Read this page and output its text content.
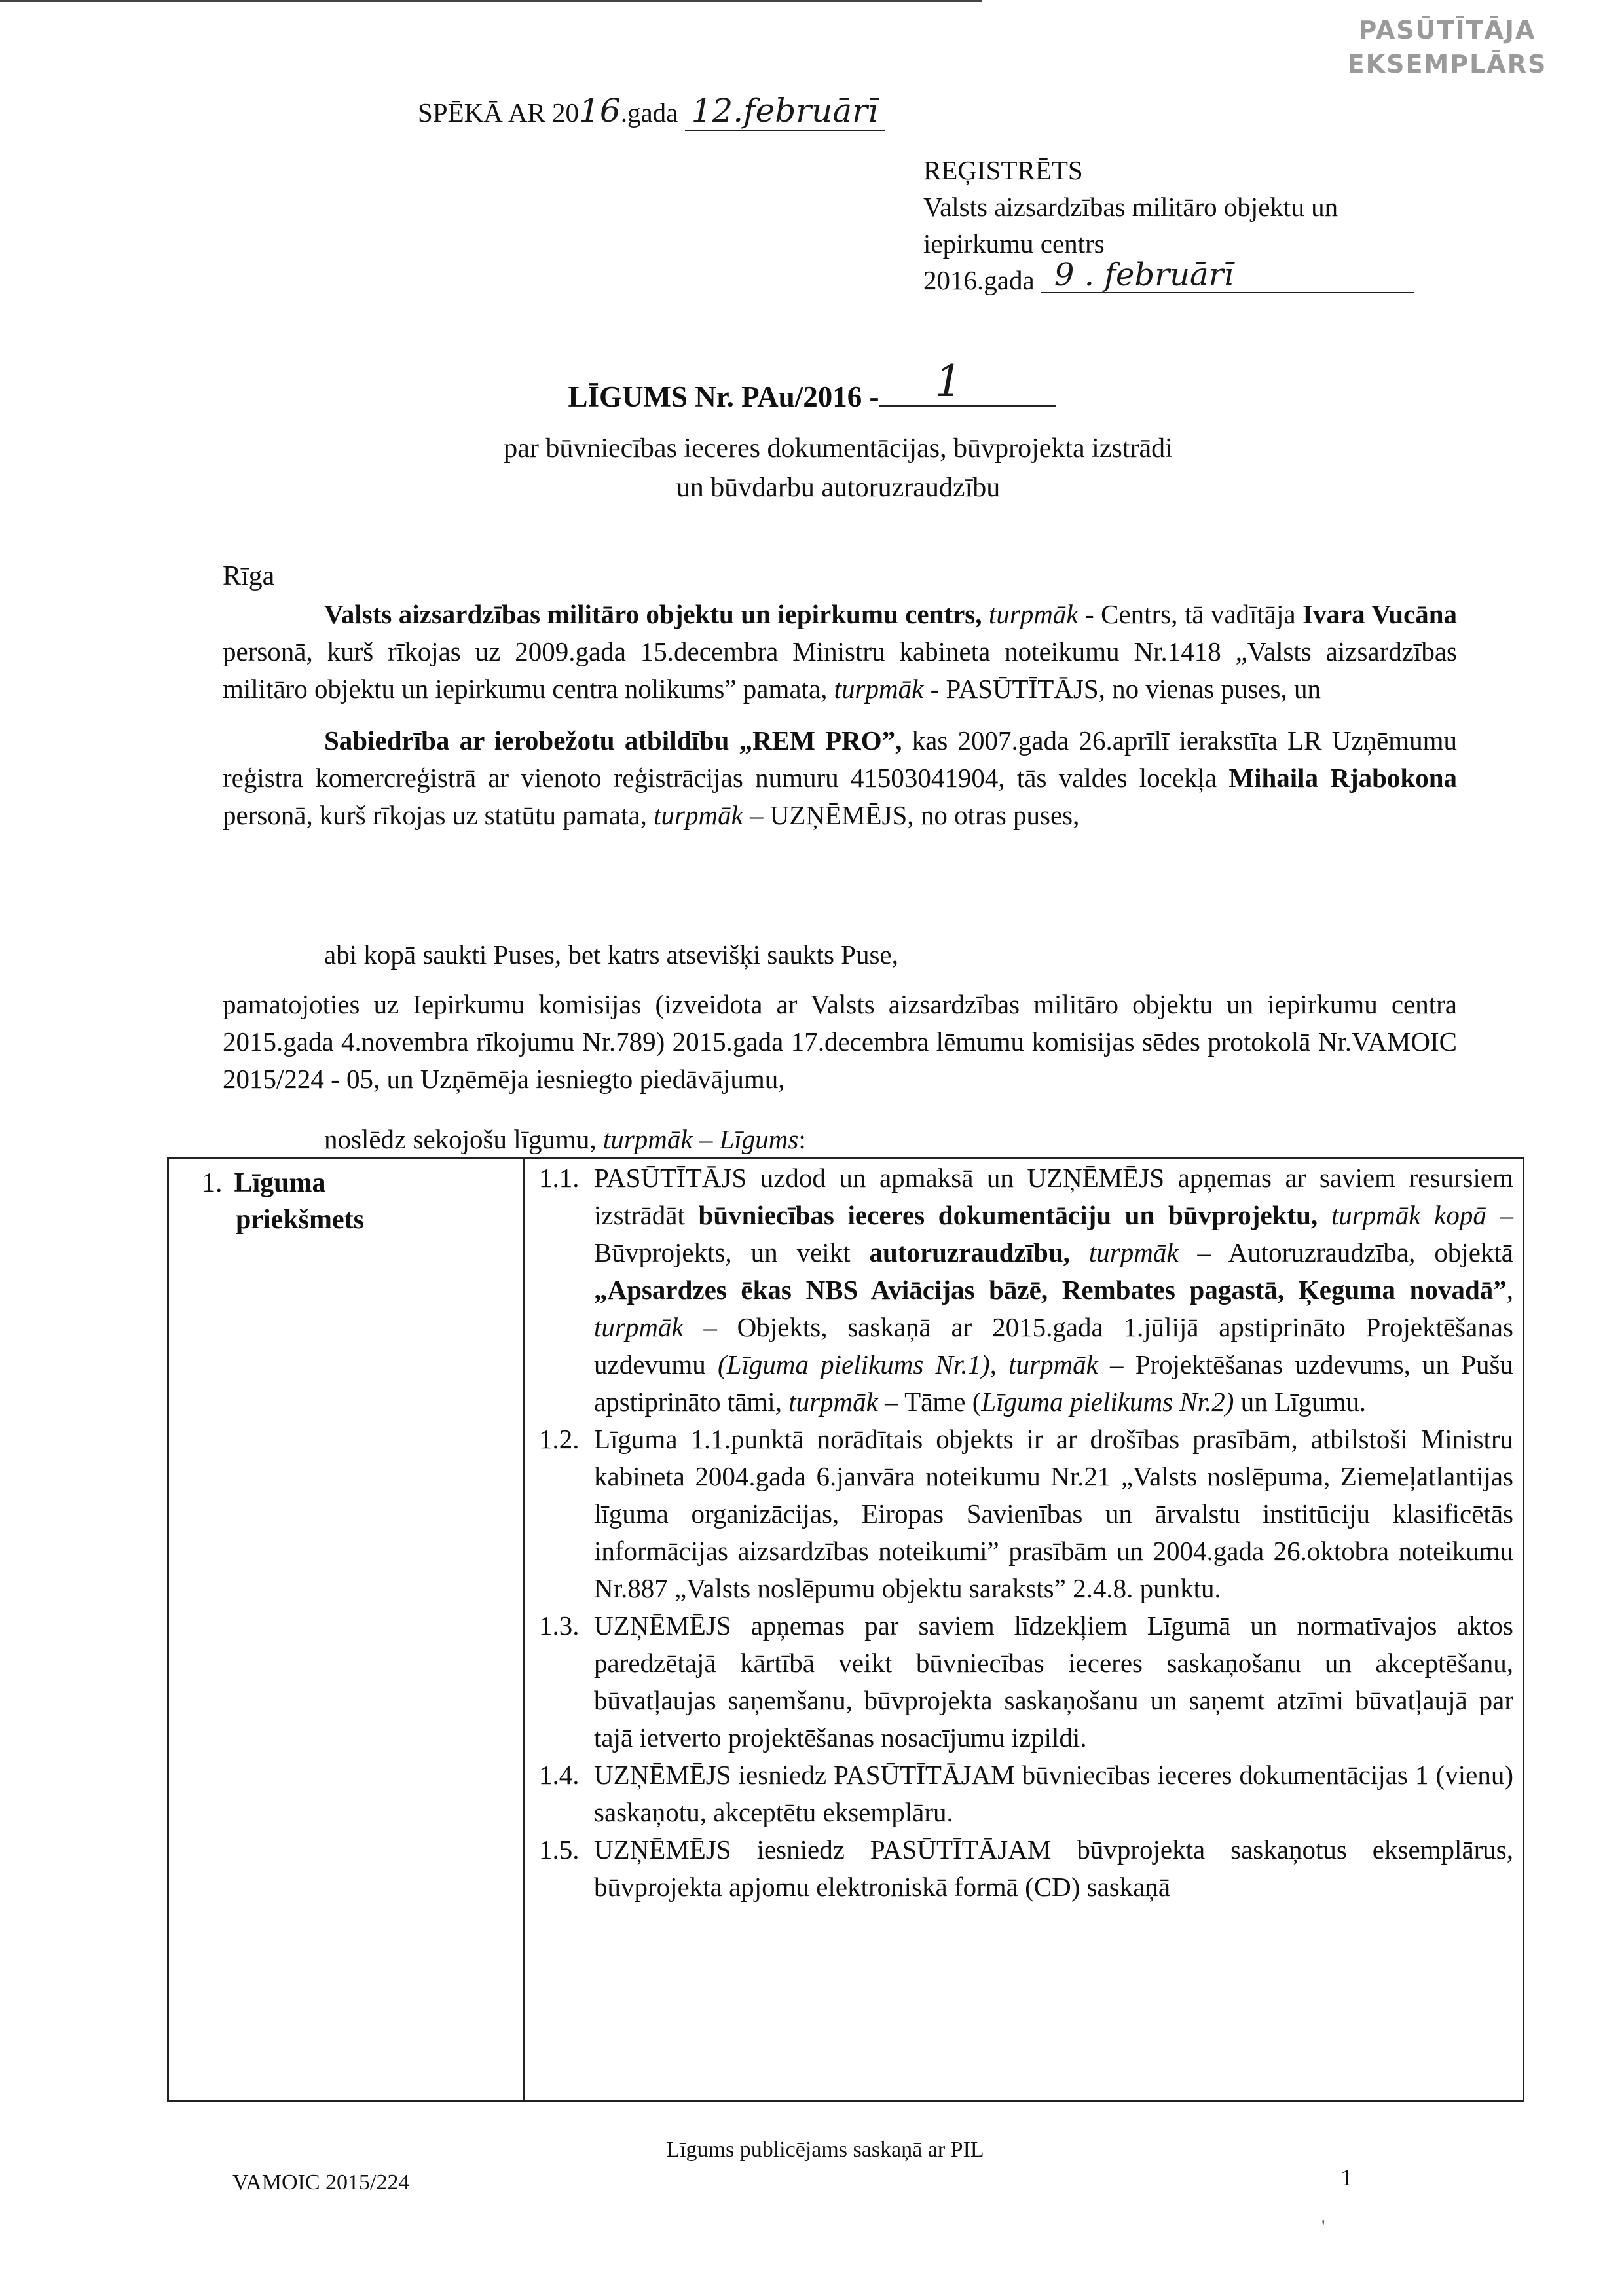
PASŪTĪTĀJA
EKSEMPLĀRS
SPĒKĀ AR 2016.gada 12.februārī
REĢISTRĒTS
Valsts aizsardzības militāro objektu un
iepirkumu centrs
2016.gada 9 . februārī
LĪGUMS Nr. PAu/2016 - 1
par būvniecības ieceres dokumentācijas, būvprojekta izstrādi
un būvdarbu autoruzraudzību
Rīga
Valsts aizsardzības militāro objektu un iepirkumu centrs, turpmāk - Centrs, tā vadītāja Ivara Vucāna personā, kurš rīkojas uz 2009.gada 15.decembra Ministru kabineta noteikumu Nr.1418 „Valsts aizsardzības militāro objektu un iepirkumu centra nolikums” pamata, turpmāk - PASŪTĪTĀJS, no vienas puses, un
Sabiedrība ar ierobežotu atbildību „REM PRO”, kas 2007.gada 26.aprīlī ierakstīta LR Uzņēmumu reģistra komercreģistrā ar vienoto reģistrācijas numuru 41503041904, tās valdes locekļa Mihaila Rjabokona personā, kurš rīkojas uz statūtu pamata, turpmāk – UZŅĒMĒJS, no otras puses,
abi kopā saukti Puses, bet katrs atsevišķi saukts Puse,
pamatojoties uz Iepirkumu komisijas (izveidota ar Valsts aizsardzības militāro objektu un iepirkumu centra 2015.gada 4.novembra rīkojumu Nr.789) 2015.gada 17.decembra lēmumu komisijas sēdes protokolā Nr.VAMOIC 2015/224 - 05, un Uzņēmēja iesniegto piedāvājumu,
noslēdz sekojošu līgumu, turpmāk – Līgums:
1. Līguma
priekšmets
1.1. PASŪTĪTĀJS uzdod un apmaksā un UZŅĒMĒJS apņemas ar saviem resursiem izstrādāt būvniecības ieceres dokumentāciju un būvprojektu, turpmāk kopā – Būvprojekts, un veikt autoruzraudzību, turpmāk – Autoruzraudzība, objektā „Apsardzes ēkas NBS Aviācijas bāzē, Rembates pagastā, Ķeguma novadā”, turpmāk – Objekts, saskaņā ar 2015.gada 1.jūlijā apstiprināto Projektēšanas uzdevumu (Līguma pielikums Nr.1), turpmāk – Projektēšanas uzdevums, un Pušu apstiprināto tāmi, turpmāk – Tāme (Līguma pielikums Nr.2) un Līgumu.
1.2. Līguma 1.1.punktā norādītais objekts ir ar drošības prasībām, atbilstoši Ministru kabineta 2004.gada 6.janvāra noteikumu Nr.21 „Valsts noslēpuma, Ziemeļatlantijas līguma organizācijas, Eiropas Savienības un ārvalstu institūciju klasificētās informācijas aizsardzības noteikumi” prasībām un 2004.gada 26.oktobra noteikumu Nr.887 „Valsts noslēpumu objektu saraksts” 2.4.8. punktu.
1.3. UZŅĒMĒJS apņemas par saviem līdzekļiem Līgumā un normatīvajos aktos paredzētajā kārtībā veikt būvniecības ieceres saskaņošanu un akceptēšanu, būvatļaujas saņemšanu, būvprojekta saskaņošanu un saņemt atzīmi būvatļaujā par tajā ietverto projektēšanas nosacījumu izpildi.
1.4. UZŅĒMĒJS iesniedz PASŪTĪTĀJAM būvniecības ieceres dokumentācijas 1 (vienu) saskaņotu, akceptētu eksemplāru.
1.5. UZŅĒMĒJS iesniedz PASŪTĪTĀJAM būvprojekta saskaņotus eksemplārus, būvprojekta apjomu elektroniskā formā (CD) saskaņā
Līgums publicējams saskaņā ar PIL
VAMOIC 2015/224	1
'
